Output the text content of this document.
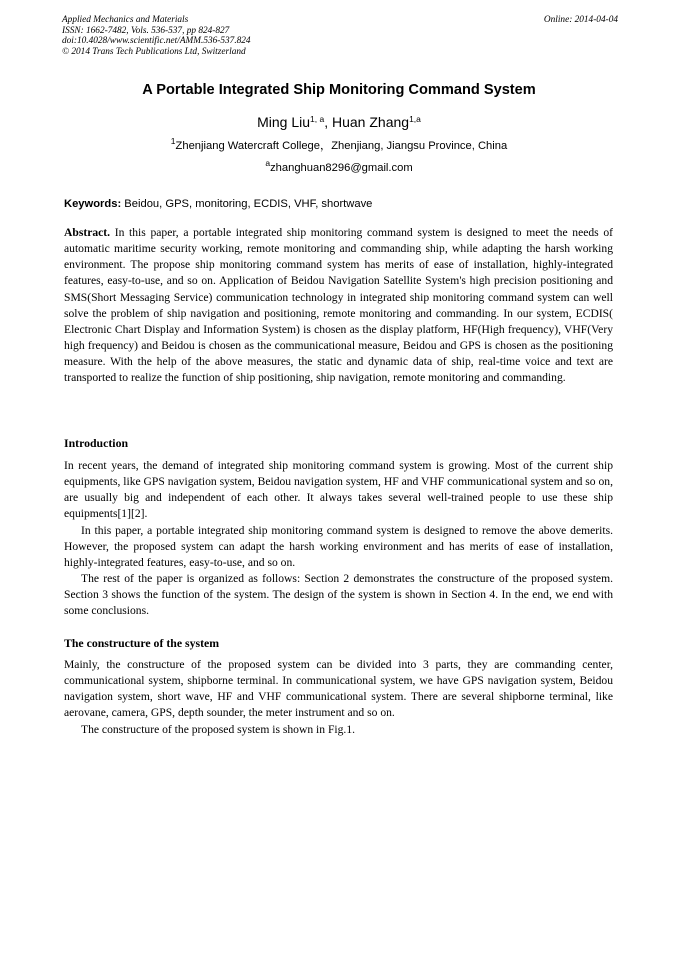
Applied Mechanics and Materials
ISSN: 1662-7482, Vols. 536-537, pp 824-827
doi:10.4028/www.scientific.net/AMM.536-537.824
© 2014 Trans Tech Publications Ltd, Switzerland
Online: 2014-04-04
A Portable Integrated Ship Monitoring Command System
Ming Liu$^{1, a}$, Huan Zhang$^{1,a}$
$^1$Zhenjiang Watercraft College，Zhenjiang, Jiangsu Province, China
$^a$zhanghuan8296@gmail.com
Keywords: Beidou, GPS, monitoring, ECDIS, VHF, shortwave

Abstract. In this paper, a portable integrated ship monitoring command system is designed to meet the needs of automatic maritime security working, remote monitoring and commanding ship, while adapting the harsh working environment. The propose ship monitoring command system has merits of ease of installation, highly-integrated features, easy-to-use, and so on. Application of Beidou Navigation Satellite System's high precision positioning and SMS(Short Messaging Service) communication technology in integrated ship monitoring command system can well solve the problem of ship navigation and positioning, remote monitoring and commanding. In our system, ECDIS( Electronic Chart Display and Information System) is chosen as the display platform, HF(High frequency), VHF(Very high frequency) and Beidou is chosen as the communicational measure, Beidou and GPS is chosen as the positioning measure. With the help of the above measures, the static and dynamic data of ship, real-time voice and text are transported to realize the function of ship positioning, ship navigation, remote monitoring and commanding.

Introduction

In recent years, the demand of integrated ship monitoring command system is growing. Most of the current ship equipments, like GPS navigation system, Beidou navigation system, HF and VHF communicational system and so on, are usually big and independent of each other. It always takes several well-trained people to use these ship equipments[1][2].

In this paper, a portable integrated ship monitoring command system is designed to remove the above demerits. However, the proposed system can adapt the harsh working environment and has merits of ease of installation, highly-integrated features, easy-to-use, and so on.

The rest of the paper is organized as follows: Section 2 demonstrates the constructure of the proposed system. Section 3 shows the function of the system. The design of the system is shown in Section 4. In the end, we end with some conclusions.

The constructure of the system

Mainly, the constructure of the proposed system can be divided into 3 parts, they are commanding center, communicational system, shipborne terminal. In communicational system, we have GPS navigation system, Beidou navigation system, short wave, HF and VHF communicational system. There are several shipborne terminal, like aerovane, camera, GPS, depth sounder, the meter instrument and so on.

The constructure of the proposed system is shown in Fig.1.
